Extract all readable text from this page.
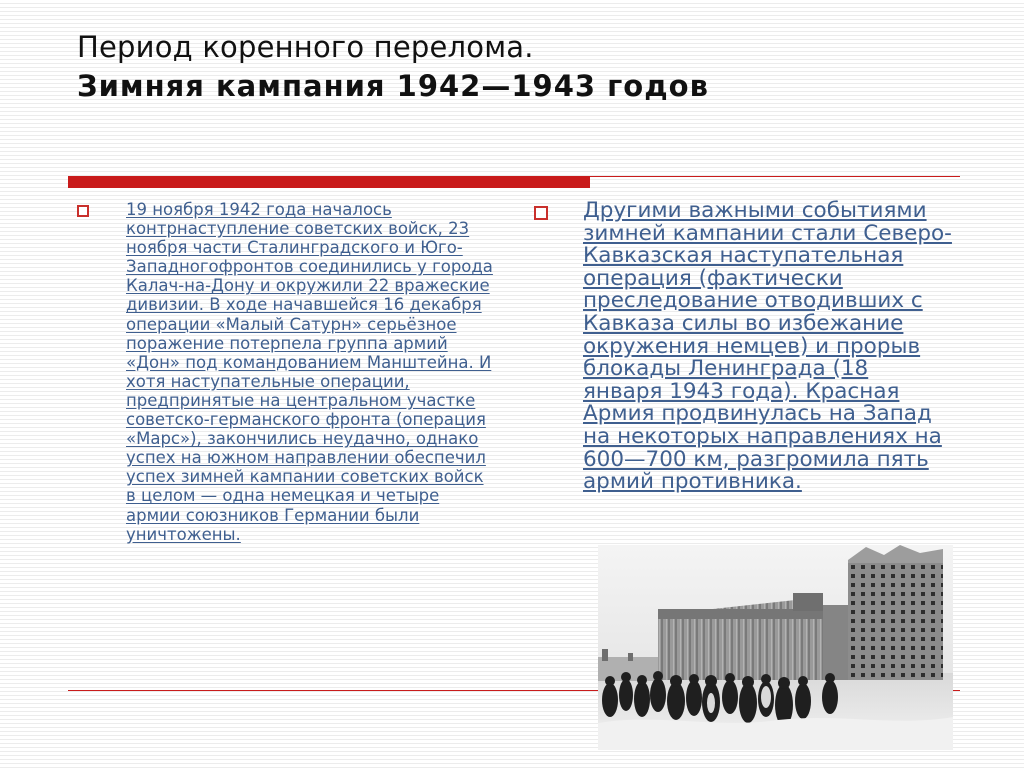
Период коренного перелома.
Зимняя кампания 1942—1943 годов
19 ноября 1942 года началось контрнаступление советских войск, 23 ноября части Сталинградского и Юго-Западногофронтов соединились у города Калач-на-Дону и окружили 22 вражеские дивизии. В ходе начавшейся 16 декабря операции «Малый Сатурн» серьёзное поражение потерпела группа армий «Дон» под командованием Манштейна. И хотя наступательные операции, предпринятые на центральном участке советско-германского фронта (операция «Марс»), закончились неудачно, однако успех на южном направлении обеспечил успех зимней кампании советских войск в целом — одна немецкая и четыре армии союзников Германии были уничтожены.
Другими важными событиями зимней кампании стали Северо-Кавказская наступательная операция (фактически преследование отводивших с Кавказа силы во избежание окружения немцев) и прорыв блокады Ленинграда (18 января 1943 года). Красная Армия продвинулась на Запад на некоторых направлениях на 600—700 км, разгромила пять армий противника.
